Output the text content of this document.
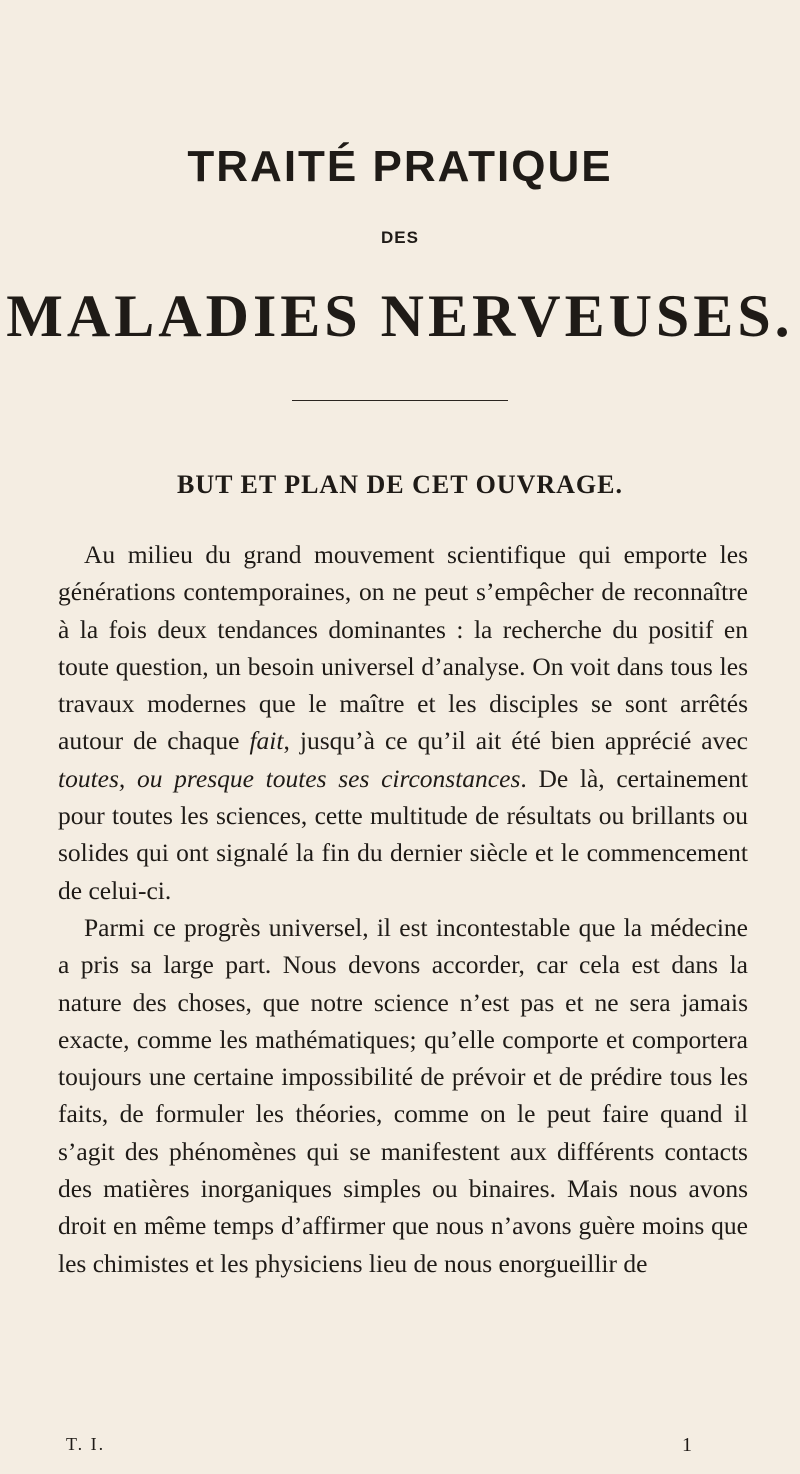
TRAITÉ PRATIQUE
DES
MALADIES NERVEUSES.
BUT ET PLAN DE CET OUVRAGE.

Au milieu du grand mouvement scientifique qui emporte les générations contemporaines, on ne peut s’empêcher de reconnaître à la fois deux tendances dominantes : la recherche du positif en toute question, un besoin universel d’analyse. On voit dans tous les travaux modernes que le maître et les disciples se sont arrêtés autour de chaque fait, jusqu’à ce qu’il ait été bien apprécié avec toutes, ou presque toutes ses circonstances. De là, certainement pour toutes les sciences, cette multitude de résultats ou brillants ou solides qui ont signalé la fin du dernier siècle et le commencement de celui-ci.

Parmi ce progrès universel, il est incontestable que la médecine a pris sa large part. Nous devons accorder, car cela est dans la nature des choses, que notre science n’est pas et ne sera jamais exacte, comme les mathématiques; qu’elle comporte et comportera toujours une certaine impossibilité de prévoir et de prédire tous les faits, de formuler les théories, comme on le peut faire quand il s’agit des phénomènes qui se manifestent aux différents contacts des matières inorganiques simples ou binaires. Mais nous avons droit en même temps d’affirmer que nous n’avons guère moins que les chimistes et les physiciens lieu de nous enorgueillir de

T. I.	1
